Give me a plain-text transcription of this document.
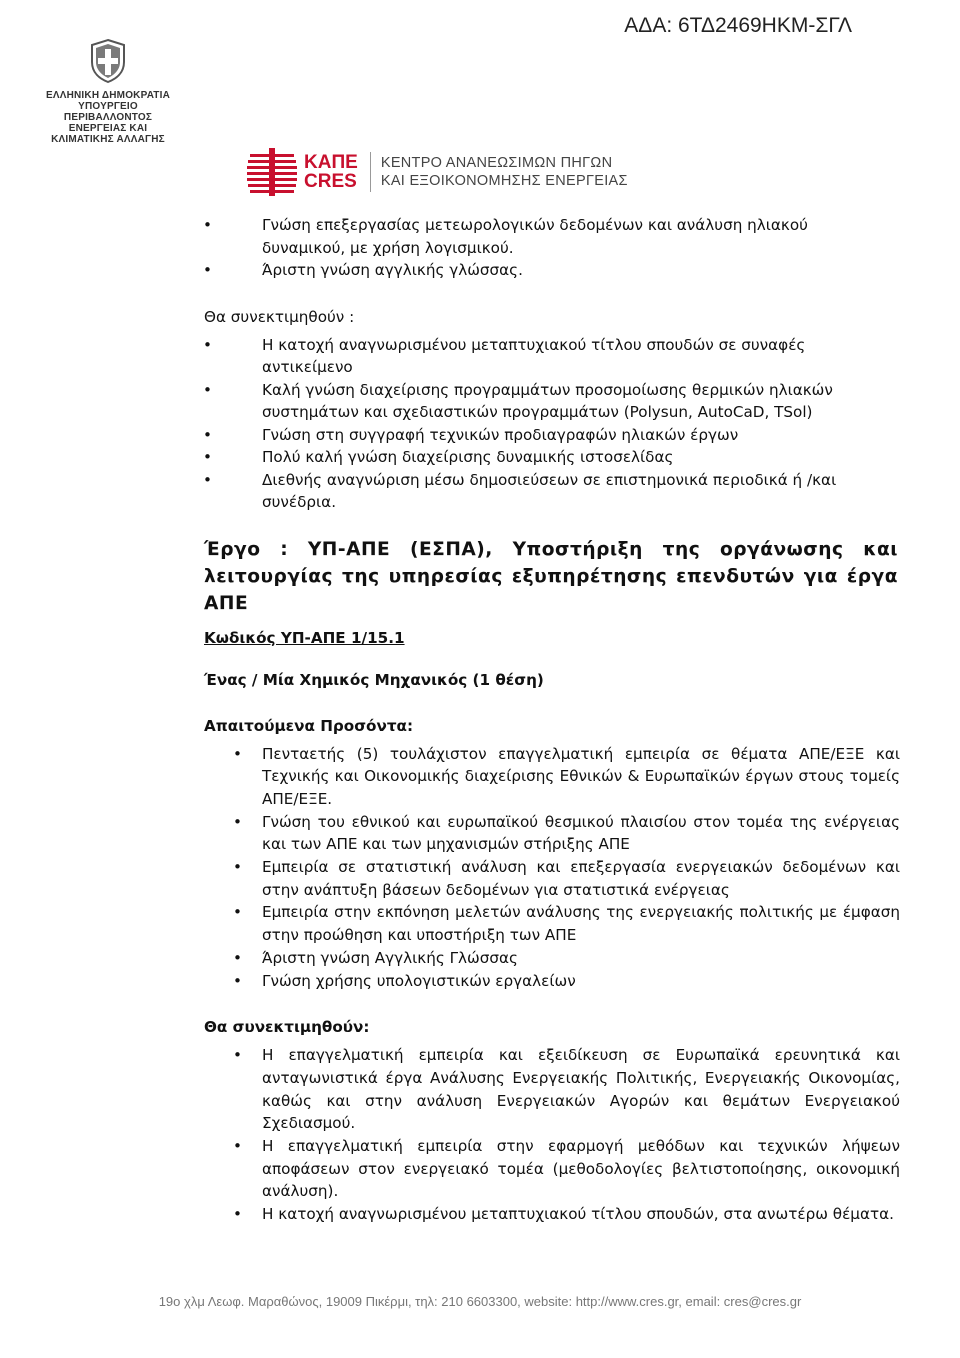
ΑΔΑ: 6ΤΔ2469ΗΚΜ-ΣΓΛ
ΕΛΛΗΝΙΚΗ ΔΗΜΟΚΡΑΤΙΑ
ΥΠΟΥΡΓΕΙΟ ΠΕΡΙΒΑΛΛΟΝΤΟΣ
ΕΝΕΡΓΕΙΑΣ ΚΑΙ
ΚΛΙΜΑΤΙΚΗΣ ΑΛΛΑΓΗΣ
ΚΑΠΕ
CRES
ΚΕΝΤΡΟ ΑΝΑΝΕΩΣΙΜΩΝ ΠΗΓΩΝ
ΚΑΙ ΕΞΟΙΚΟΝΟΜΗΣΗΣ ΕΝΕΡΓΕΙΑΣ
• Γνώση επεξεργασίας μετεωρολογικών δεδομένων και ανάλυση ηλιακού δυναμικού, με χρήση λογισμικού.
• Άριστη γνώση αγγλικής γλώσσας.
Θα συνεκτιμηθούν :
• Η κατοχή αναγνωρισμένου μεταπτυχιακού τίτλου σπουδών σε συναφές αντικείμενο
• Καλή γνώση διαχείρισης προγραμμάτων προσομοίωσης θερμικών ηλιακών συστημάτων και σχεδιαστικών προγραμμάτων (Polysun, AutoCaD, TSol)
• Γνώση στη συγγραφή τεχνικών προδιαγραφών ηλιακών έργων
• Πολύ καλή γνώση διαχείρισης δυναμικής ιστοσελίδας
• Διεθνής αναγνώριση μέσω δημοσιεύσεων σε επιστημονικά περιοδικά ή /και συνέδρια.
Έργο : ΥΠ-ΑΠΕ (ΕΣΠΑ), Υποστήριξη της οργάνωσης και λειτουργίας της υπηρεσίας εξυπηρέτησης επενδυτών για έργα ΑΠΕ
Κωδικός ΥΠ-ΑΠΕ 1/15.1
Ένας / Μία Χημικός Μηχανικός (1 θέση)
Απαιτούμενα Προσόντα:
• Πενταετής (5) τουλάχιστον επαγγελματική εμπειρία σε θέματα ΑΠΕ/ΕΞΕ και Τεχνικής και Οικονομικής διαχείρισης Εθνικών & Ευρωπαϊκών έργων στους τομείς ΑΠΕ/ΕΞΕ.
• Γνώση του εθνικού και ευρωπαϊκού θεσμικού πλαισίου στον τομέα της ενέργειας και των ΑΠΕ και των μηχανισμών στήριξης ΑΠΕ
• Εμπειρία σε στατιστική ανάλυση και επεξεργασία ενεργειακών δεδομένων και στην ανάπτυξη βάσεων δεδομένων για στατιστικά ενέργειας
• Εμπειρία στην εκπόνηση μελετών ανάλυσης της ενεργειακής πολιτικής με έμφαση στην προώθηση και υποστήριξη των ΑΠΕ
• Άριστη γνώση Αγγλικής Γλώσσας
• Γνώση χρήσης υπολογιστικών εργαλείων
Θα συνεκτιμηθούν:
• Η επαγγελματική εμπειρία και εξειδίκευση σε Ευρωπαϊκά ερευνητικά και ανταγωνιστικά έργα Ανάλυσης Ενεργειακής Πολιτικής, Ενεργειακής Οικονομίας, καθώς και στην ανάλυση Ενεργειακών Αγορών και θεμάτων Ενεργειακού Σχεδιασμού.
• Η επαγγελματική εμπειρία στην εφαρμογή μεθόδων και τεχνικών λήψεων αποφάσεων στον ενεργειακό τομέα (μεθοδολογίες βελτιστοποίησης, οικονομική ανάλυση).
• Η κατοχή αναγνωρισμένου μεταπτυχιακού τίτλου σπουδών, στα ανωτέρω θέματα.
19ο χλμ Λεωφ. Μαραθώνος, 19009 Πικέρμι, τηλ: 210 6603300, website: http://www.cres.gr, email: cres@cres.gr
